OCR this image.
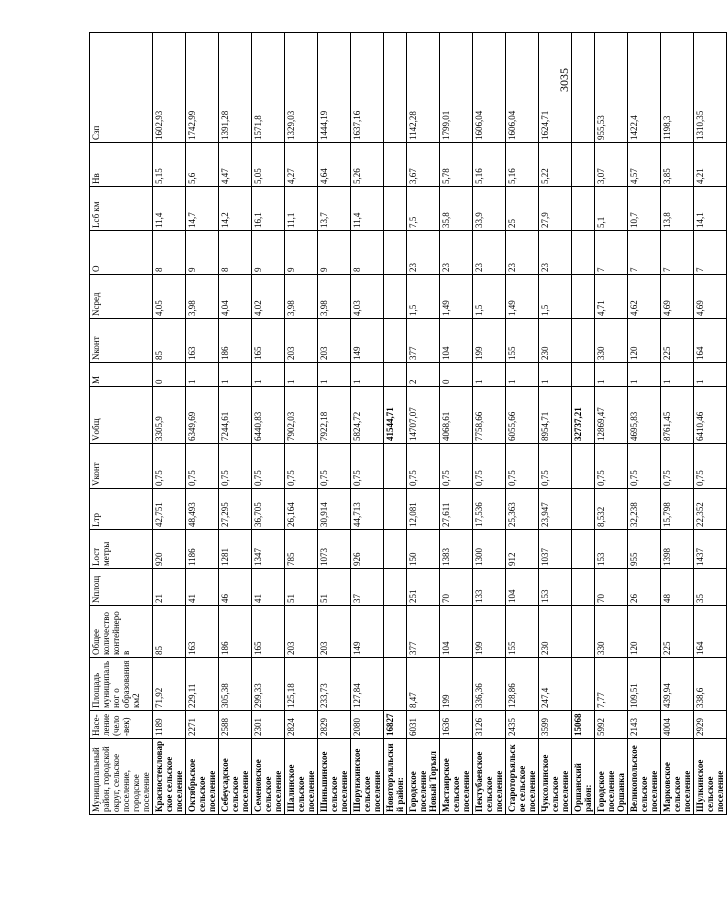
3035
Муниципальный район, городской округ, сельское поселение, городское поселение	Насе-ление (чело-век)	Площадь муниципальног о образования км2	Общее количество контейнеров	Nплощ	Lост метры	Lтр	Vконт	Vобщ	M	Nконт	Nсред	O	Lсб км	Hв	Сзп
Красностекловарское сельское поселение	1189	71,92	85	21	920	42,751	0,75	3305,9	0	85	4,05	8	11,4	5,15	1602,93
Октябрьское сельское поселение	2271	229,11	163	41	1186	48,493	0,75	6349,69	1	163	3,98	9	14,7	5,6	1742,99
Себеусадское сельское поселение	2588	305,38	186	46	1281	27,295	0,75	7244,61	1	186	4,04	8	14,2	4,47	1391,28
Семеновское сельское поселение	2301	299,33	165	41	1347	36,705	0,75	6440,83	1	165	4,02	9	16,1	5,05	1571,8
Шалинское сельское поселение	2824	125,18	203	51	785	26,164	0,75	7902,03	1	203	3,98	9	11,1	4,27	1329,03
Шиньшинское сельское поселение	2829	233,73	203	51	1073	30,914	0,75	7922,18	1	203	3,98	9	13,7	4,64	1444,19
Шорунжинское сельское поселение	2080	127,84	149	37	926	44,713	0,75	5824,72	1	149	4,03	8	11,4	5,26	1637,16
Новоторъяльский район:	16827							41544,71							
Городское поселение Новый Торъял	6031	8,47	377	251	150	12,081	0,75	14707,07	2	377	1,5	23	7,5	3,67	1142,28
Мастаирское сельское поселение	1636	199	104	70	1383	27,611	0,75	4068,61	0	104	1,49	23	35,8	5,78	1799,01
Пектубаевское сельское поселение	3126	336,36	199	133	1300	17,536	0,75	7758,66	1	199	1,5	23	33,9	5,16	1606,04
Староторъяльское сельское поселение	2435	128,86	155	104	912	25,363	0,75	6055,66	1	155	1,49	23	25	5,16	1606,04
Чуксолинское сельское поселение	3599	247,4	230	153	1037	23,947	0,75	8954,71	1	230	1,5	23	27,9	5,22	1624,71
Оршанский район:	15068							32737,21							
Городское поселение Оршанка	5992	7,77	330	70	153	8,532	0,75	12869,47	1	330	4,71	7	5,1	3,07	955,53
Великопольское сельское поселение	2143	109,51	120	26	955	32,238	0,75	4695,83	1	120	4,62	7	10,7	4,57	1422,4
Марковское сельское поселение	4004	439,94	225	48	1398	15,798	0,75	8761,45	1	225	4,69	7	13,8	3,85	1198,3
Шулкинское сельское поселение	2929	338,6	164	35	1437	22,352	0,75	6410,46	1	164	4,69	7	14,1	4,21	1310,35
